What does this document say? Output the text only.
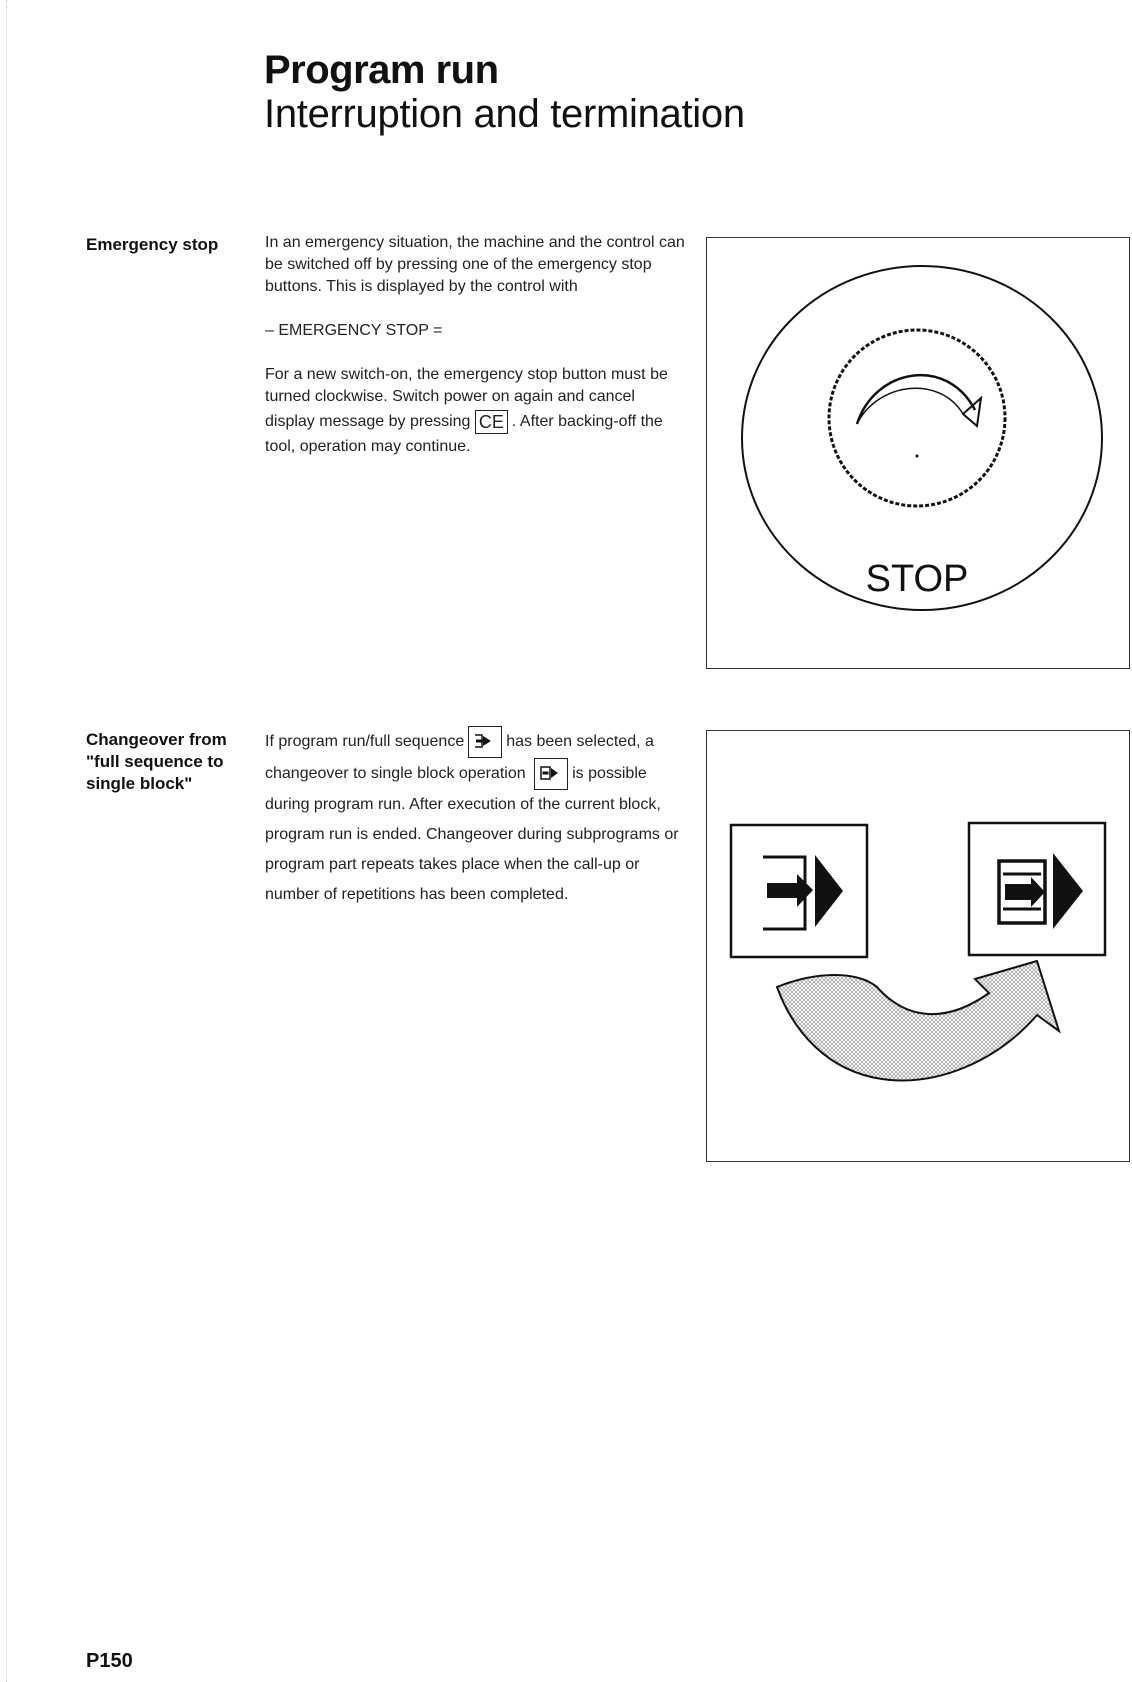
Program run
Interruption and termination
Emergency stop	In an emergency situation, the machine and the control can be switched off by pressing one of the emergency stop buttons. This is displayed by the control with

– EMERGENCY STOP =

For a new switch-on, the emergency stop button must be turned clockwise. Switch power on again and cancel display message by pressing CE . After backing-off the tool, operation may continue.

STOP
Changeover from "full sequence to single block"
If program run/full sequence	has been selected, a changeover to single block operation	is possible during program run. After execution of the current block, program run is ended. Changeover during subprograms or program part repeats takes place when the call-up or number of repetitions has been completed.
P150
